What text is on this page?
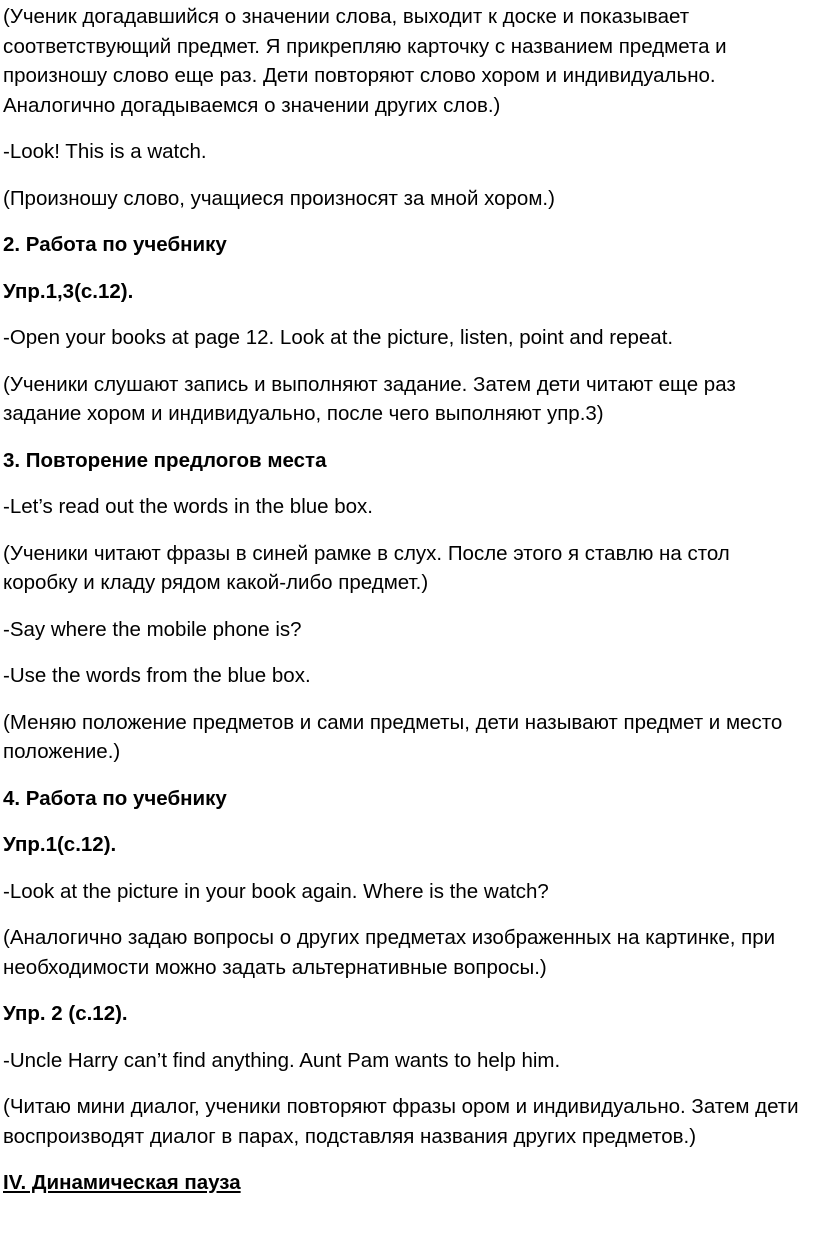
(Ученик догадавшийся о значении слова, выходит к доске и показывает соответствующий предмет. Я прикрепляю карточку с названием предмета и произношу слово еще раз. Дети повторяют слово хором и индивидуально. Аналогично догадываемся о значении других слов.)

-Look! This is a watch.

(Произношу слово, учащиеся произносят за мной хором.)

2. Работа по учебнику

Упр.1,3(с.12).

-Open your books at page 12. Look at the picture, listen, point and repeat.

(Ученики слушают запись и выполняют задание. Затем дети читают еще раз задание хором и индивидуально, после чего выполняют упр.3)

3. Повторение предлогов места

-Let’s read out the words in the blue box.

(Ученики читают фразы в синей рамке в слух. После этого я ставлю на стол коробку и кладу рядом какой-либо предмет.)

-Say where the mobile phone is?

-Use the words from the blue box.

(Меняю положение предметов и сами предметы, дети называют предмет и место положение.)

4. Работа по учебнику

Упр.1(с.12).

-Look at the picture in your book again. Where is the watch?

(Аналогично задаю вопросы о других предметах изображенных на картинке, при необходимости можно задать альтернативные вопросы.)

Упр. 2 (с.12).

-Uncle Harry can’t find anything. Aunt Pam wants to help him.

(Читаю мини диалог, ученики повторяют фразы ором и индивидуально. Затем дети воспроизводят диалог в парах, подставляя названия других предметов.)

IV. Динамическая пауза
